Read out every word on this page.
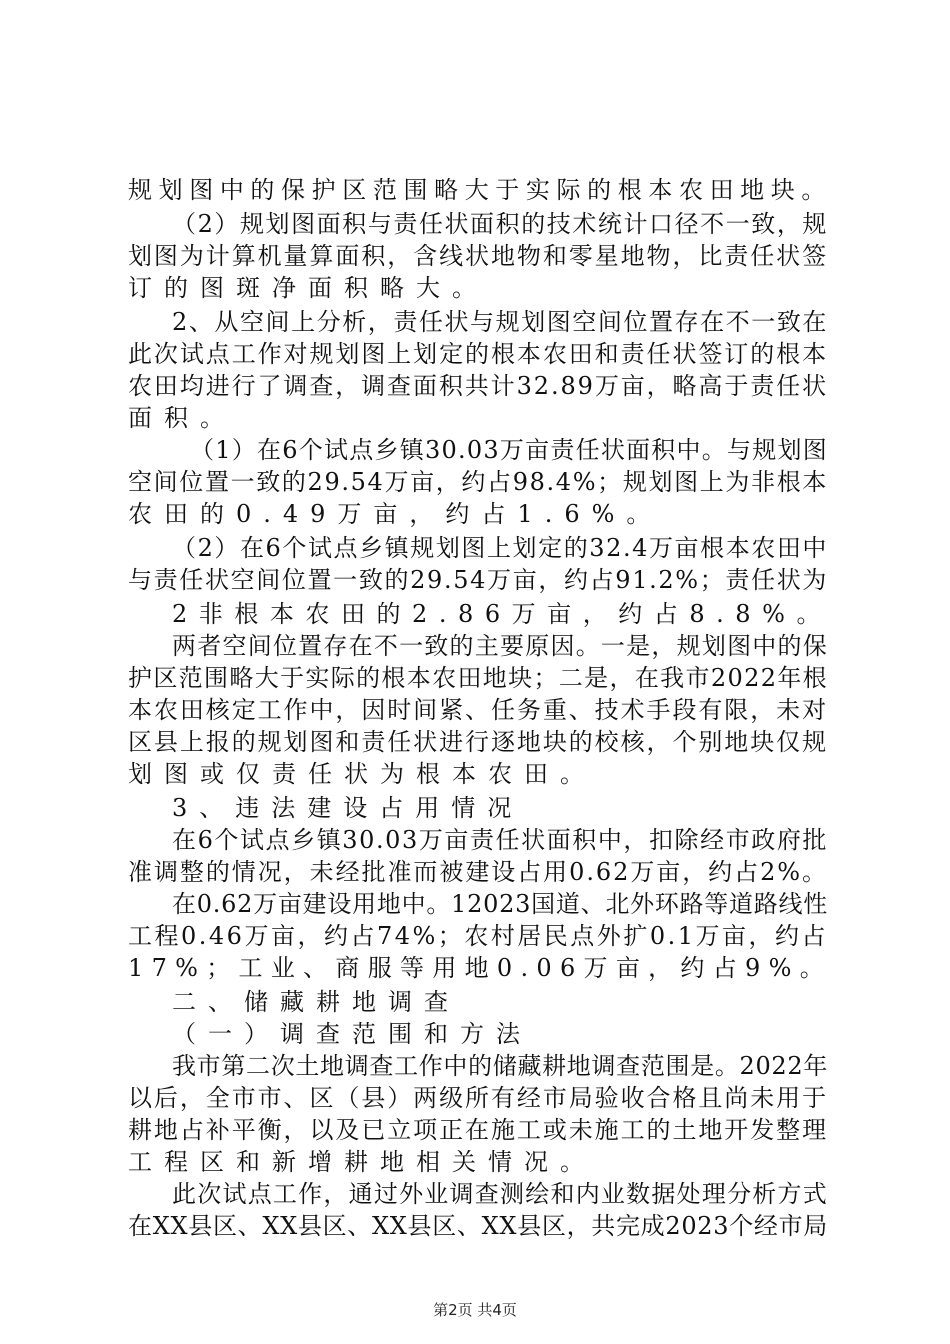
规划图中的保护区范围略大于实际的根本农田地块。
（2）规划图面积与责任状面积的技术统计口径不一致，规
划图为计算机量算面积，含线状地物和零星地物，比责任状签
订的图斑净面积略大。
2、从空间上分析，责任状与规划图空间位置存在不一致在
此次试点工作对规划图上划定的根本农田和责任状签订的根本
农田均进行了调查，调查面积共计32.89万亩，略高于责任状
面积。
（1）在6个试点乡镇30.03万亩责任状面积中。与规划图
空间位置一致的29.54万亩，约占98.4%；规划图上为非根本
农田的0.49万亩，约占1.6%。
（2）在6个试点乡镇规划图上划定的32.4万亩根本农田中
与责任状空间位置一致的29.54万亩，约占91.2%；责任状为
2非根本农田的2.86万亩，约占8.8%。
两者空间位置存在不一致的主要原因。一是，规划图中的保
护区范围略大于实际的根本农田地块；二是，在我市2022年根
本农田核定工作中，因时间紧、任务重、技术手段有限，未对
区县上报的规划图和责任状进行逐地块的校核，个别地块仅规
划图或仅责任状为根本农田。
3、违法建设占用情况
在6个试点乡镇30.03万亩责任状面积中，扣除经市政府批
准调整的情况，未经批准而被建设占用0.62万亩，约占2%。
在0.62万亩建设用地中。12023国道、北外环路等道路线性
工程0.46万亩，约占74%；农村居民点外扩0.1万亩，约占
17%；工业、商服等用地0.06万亩，约占9%。
二、储藏耕地调查
（一）调查范围和方法
我市第二次土地调查工作中的储藏耕地调查范围是。2022年
以后，全市市、区（县）两级所有经市局验收合格且尚未用于
耕地占补平衡，以及已立项正在施工或未施工的土地开发整理
工程区和新增耕地相关情况。
此次试点工作，通过外业调查测绘和内业数据处理分析方式
在XX县区、XX县区、XX县区、XX县区，共完成2023个经市局
第2页 共4页
